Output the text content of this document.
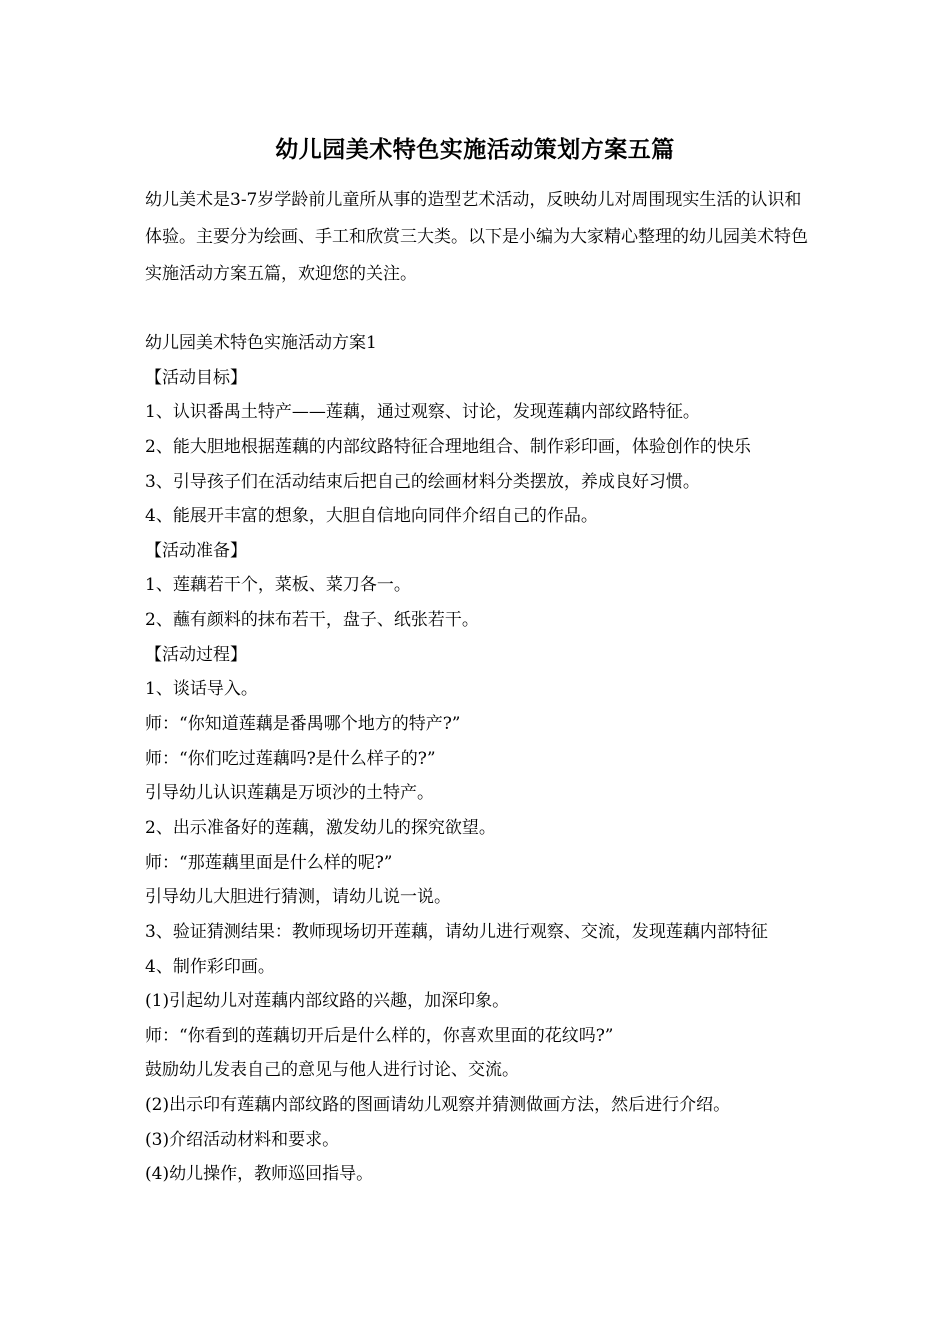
幼儿园美术特色实施活动策划方案五篇

幼儿美术是3-7岁学龄前儿童所从事的造型艺术活动，反映幼儿对周围现实生活的认识和体验。主要分为绘画、手工和欣赏三大类。以下是小编为大家精心整理的幼儿园美术特色实施活动方案五篇，欢迎您的关注。

幼儿园美术特色实施活动方案1
【活动目标】
1、认识番禺土特产——莲藕，通过观察、讨论，发现莲藕内部纹路特征。
2、能大胆地根据莲藕的内部纹路特征合理地组合、制作彩印画，体验创作的快乐
3、引导孩子们在活动结束后把自己的绘画材料分类摆放，养成良好习惯。
4、能展开丰富的想象，大胆自信地向同伴介绍自己的作品。
【活动准备】
1、莲藕若干个，菜板、菜刀各一。
2、蘸有颜料的抹布若干，盘子、纸张若干。
【活动过程】
1、谈话导入。
师：“你知道莲藕是番禺哪个地方的特产?”
师：“你们吃过莲藕吗?是什么样子的?”
引导幼儿认识莲藕是万顷沙的土特产。
2、出示准备好的莲藕，激发幼儿的探究欲望。
师：“那莲藕里面是什么样的呢?”
引导幼儿大胆进行猜测，请幼儿说一说。
3、验证猜测结果：教师现场切开莲藕，请幼儿进行观察、交流，发现莲藕内部特征
4、制作彩印画。
(1)引起幼儿对莲藕内部纹路的兴趣，加深印象。
师：“你看到的莲藕切开后是什么样的，你喜欢里面的花纹吗?”
鼓励幼儿发表自己的意见与他人进行讨论、交流。
(2)出示印有莲藕内部纹路的图画请幼儿观察并猜测做画方法，然后进行介绍。
(3)介绍活动材料和要求。
(4)幼儿操作，教师巡回指导。
